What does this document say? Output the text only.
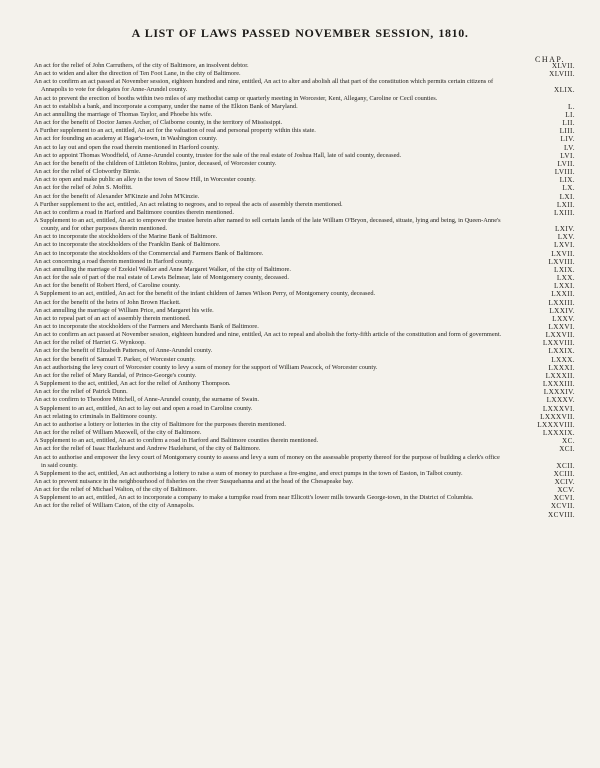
A LIST OF LAWS PASSED NOVEMBER SESSION, 1810.
CHAP.
An act for the relief of John Carruthers, of the city of Baltimore, an insolvent debtor.	XLVII.
An act to widen and alter the direction of Ten Foot Lane, in the city of Baltimore.	XLVIII.
An act to confirm an act passed at November session, eighteen hundred and nine, entitled, An act to alter and abolish all that part of the constitution which permits certain citizens of Annapolis to vote for delegates for Anne-Arundel county.	XLIX.
An act to prevent the erection of booths within two miles of any methodist camp or quarterly meeting in Worcester, Kent, Allegany, Caroline or Cecil counties.
An act to establish a bank, and incorporate a company, under the name of the Elkton Bank of Maryland.	L.
An act annulling the marriage of Thomas Taylor, and Phoebe his wife.	LI.
An act for the benefit of Doctor James Archer, of Claiborne county, in the territory of Mississippi.	LII.
A Further supplement to an act, entitled, An act for the valuation of real and personal property within this state.	LIII.
An act for founding an academy at Hagar's-town, in Washington county.	LIV.
An act to lay out and open the road therein mentioned in Harford county.	LV.
An act to appoint Thomas Woodfield, of Anne-Arundel county, trustee for the sale of the real estate of Joshua Hall, late of said county, deceased.	LVI.
An act for the benefit of the children of Littleton Robins, junior, deceased, of Worcester county.	LVII.
An act for the relief of Clotworthy Birnie.	LVIII.
An act to open and make public an alley in the town of Snow Hill, in Worcester county.	LIX.
An act for the relief of John S. Moffitt.	LX.
An act for the benefit of Alexander M'Kinzie and John M'Kinzie.	LXI.
A Further supplement to the act, entitled, An act relating to negroes, and to repeal the acts of assembly therein mentioned.	LXII.
An act to confirm a road in Harford and Baltimore counties therein mentioned.	LXIII.
A Supplement to an act, entitled, An act to empower the trustee herein after named to sell certain lands of the late William O'Bryon, deceased, situate, lying and being, in Queen-Anne's county, and for other purposes therein mentioned.	LXIV.
An act to incorporate the stockholders of the Marine Bank of Baltimore.	LXV.
An act to incorporate the stockholders of the Franklin Bank of Baltimore.	LXVI.
An act to incorporate the stockholders of the Commercial and Farmers Bank of Baltimore.	LXVII.
An act concerning a road therein mentioned in Harford county.	LXVIII.
An act annulling the marriage of Ezekiel Walker and Anne Margaret Walker, of the city of Baltimore.	LXIX.
An act for the sale of part of the real estate of Lewis Belmear, late of Montgomery county, deceased.	LXX.
An act for the benefit of Robert Herd, of Caroline county.	LXXI.
A Supplement to an act, entitled, An act for the benefit of the infant children of James Wilson Perry, of Montgomery county, deceased.	LXXII.
An act for the benefit of the heirs of John Brown Hackett.	LXXIII.
An act annulling the marriage of William Price, and Margaret his wife.	LXXIV.
An act to repeal part of an act of assembly therein mentioned.	LXXV.
An act to incorporate the stockholders of the Farmers and Merchants Bank of Baltimore.	LXXVI.
An act to confirm an act passed at November session, eighteen hundred and nine, entitled, An act to repeal and abolish the forty-fifth article of the constitution and form of government.	LXXVII.
An act for the relief of Harriet G. Wynkoop.	LXXVIII.
An act for the benefit of Elizabeth Patterson, of Anne-Arundel county.	LXXIX.
An act for the benefit of Samuel T. Parker, of Worcester county.	LXXX.
An act authorising the levy court of Worcester county to levy a sum of money for the support of William Peacock, of Worcester county.	LXXXI.
An act for the relief of Mary Randal, of Prince-George's county.	LXXXII.
A Supplement to the act, entitled, An act for the relief of Anthony Thompson.	LXXXIII.
An act for the relief of Patrick Dunn.	LXXXIV.
An act to confirm to Theodore Mitchell, of Anne-Arundel county, the surname of Swain.	LXXXV.
A Supplement to an act, entitled, An act to lay out and open a road in Caroline county.	LXXXVI.
An act relating to criminals in Baltimore county.	LXXXVII.
An act to authorise a lottery or lotteries in the city of Baltimore for the purposes therein mentioned.	LXXXVIII.
An act for the relief of William Maxwell, of the city of Baltimore.	LXXXIX.
A Supplement to an act, entitled, An act to confirm a road in Harford and Baltimore counties therein mentioned.	XC.
An act for the relief of Isaac Hazlehurst and Andrew Hazlehurst, of the city of Baltimore.	XCI.
An act to authorise and empower the levy court of Montgomery county to assess and levy a sum of money on the assessable property thereof for the purpose of building a clerk's office in said county.	XCII.
A Supplement to the act, entitled, An act authorising a lottery to raise a sum of money to purchase a fire-engine, and erect pumps in the town of Easton, in Talbot county.	XCIII.
An act to prevent nuisance in the neighbourhood of fisheries on the river Susquehanna and at the head of the Chesapeake bay.	XCIV.
An act for the relief of Michael Walton, of the city of Baltimore.	XCV.
A Supplement to an act, entitled, An act to incorporate a company to make a turnpike road from near Ellicott's lower mills towards George-town, in the District of Columbia.	XCVI.
An act for the relief of William Caton, of the city of Annapolis.	XCVII.

XCVIII.
